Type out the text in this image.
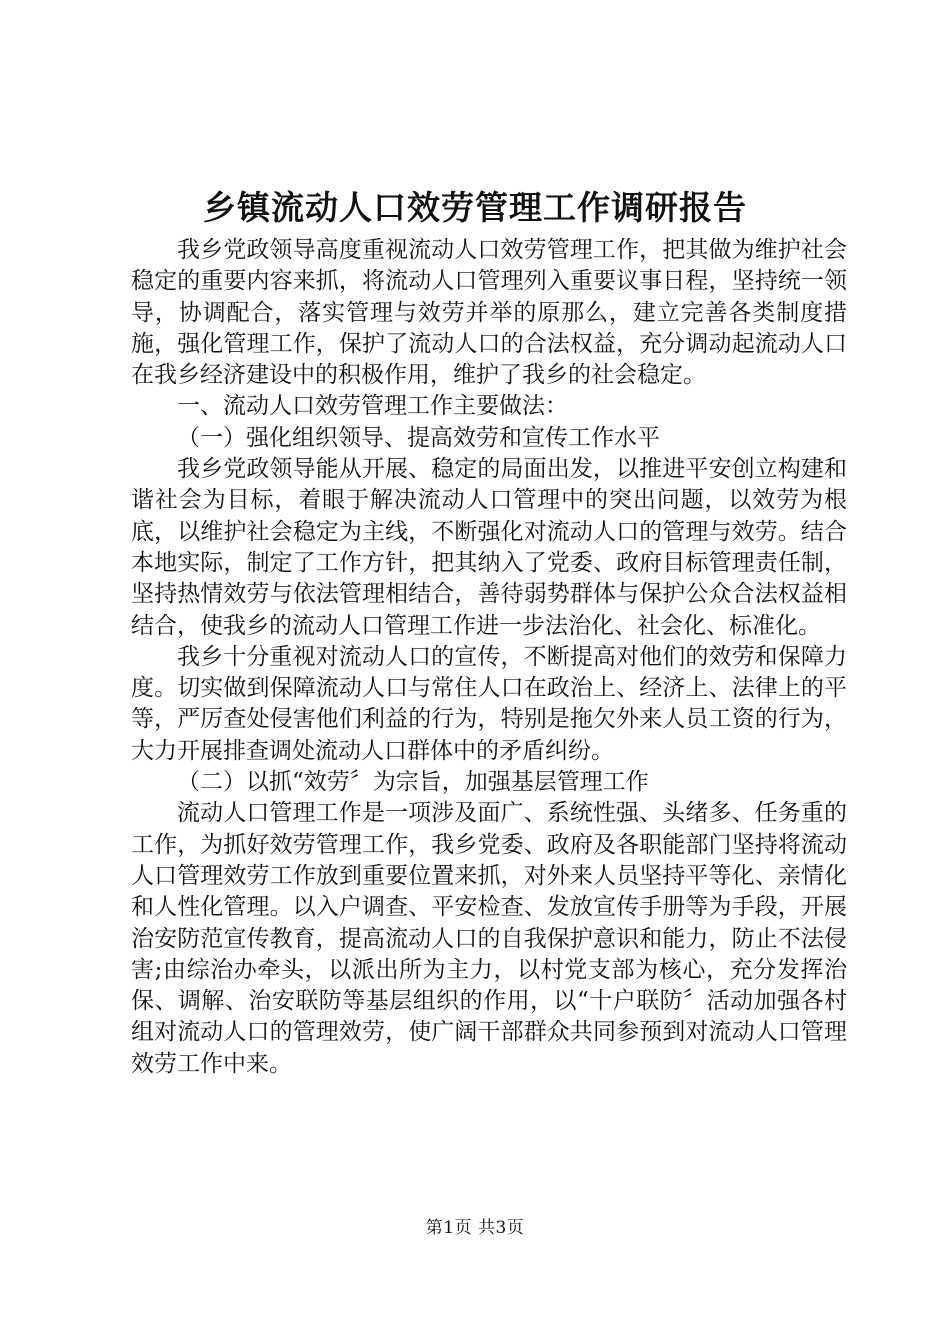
乡镇流动人口效劳管理工作调研报告

我乡党政领导高度重视流动人口效劳管理工作，把其做为维护社会稳定的重要内容来抓，将流动人口管理列入重要议事日程，坚持统一领导，协调配合，落实管理与效劳并举的原那么，建立完善各类制度措施，强化管理工作，保护了流动人口的合法权益，充分调动起流动人口在我乡经济建设中的积极作用，维护了我乡的社会稳定。

一、流动人口效劳管理工作主要做法：

（一）强化组织领导、提高效劳和宣传工作水平

我乡党政领导能从开展、稳定的局面出发，以推进平安创立构建和谐社会为目标，着眼于解决流动人口管理中的突出问题，以效劳为根底，以维护社会稳定为主线，不断强化对流动人口的管理与效劳。结合本地实际，制定了工作方针，把其纳入了党委、政府目标管理责任制，坚持热情效劳与依法管理相结合，善待弱势群体与保护公众合法权益相结合，使我乡的流动人口管理工作进一步法治化、社会化、标准化。

我乡十分重视对流动人口的宣传，不断提高对他们的效劳和保障力度。切实做到保障流动人口与常住人口在政治上、经济上、法律上的平等，严厉查处侵害他们利益的行为，特别是拖欠外来人员工资的行为，大力开展排查调处流动人口群体中的矛盾纠纷。

（二）以抓“效劳〞为宗旨，加强基层管理工作

流动人口管理工作是一项涉及面广、系统性强、头绪多、任务重的工作，为抓好效劳管理工作，我乡党委、政府及各职能部门坚持将流动人口管理效劳工作放到重要位置来抓，对外来人员坚持平等化、亲情化和人性化管理。以入户调查、平安检查、发放宣传手册等为手段，开展治安防范宣传教育，提高流动人口的自我保护意识和能力，防止不法侵害;由综治办牵头，以派出所为主力，以村党支部为核心，充分发挥治保、调解、治安联防等基层组织的作用，以“十户联防〞活动加强各村组对流动人口的管理效劳，使广阔干部群众共同参预到对流动人口管理效劳工作中来。

第1页 共3页
